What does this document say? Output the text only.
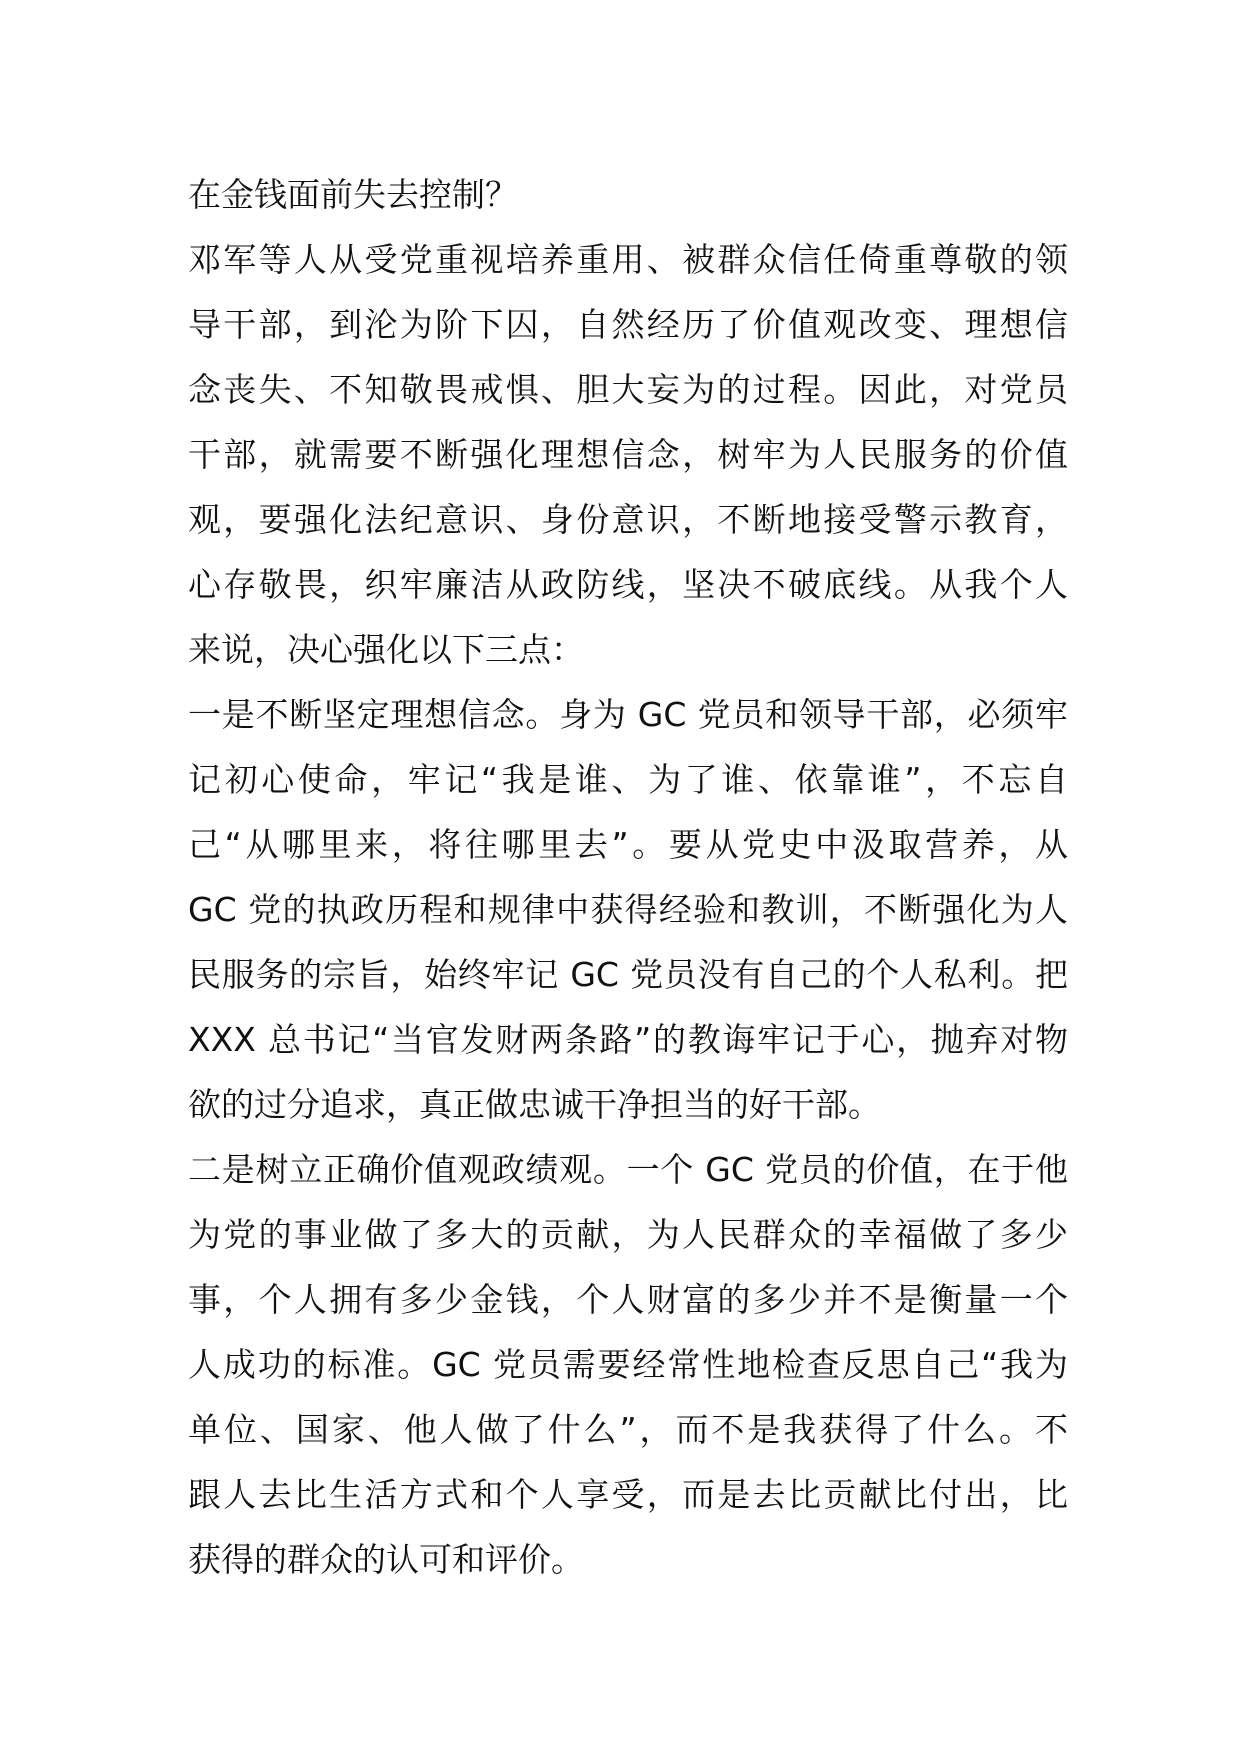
在金钱面前失去控制？
邓军等人从受党重视培养重用、被群众信任倚重尊敬的领
导干部，到沦为阶下囚，自然经历了价值观改变、理想信
念丧失、不知敬畏戒惧、胆大妄为的过程。因此，对党员
干部，就需要不断强化理想信念，树牢为人民服务的价值
观，要强化法纪意识、身份意识，不断地接受警示教育，
心存敬畏，织牢廉洁从政防线，坚决不破底线。从我个人
来说，决心强化以下三点：
一是不断坚定理想信念。身为 GC 党员和领导干部，必须牢
记初心使命，牢记“我是谁、为了谁、依靠谁”，不忘自
己“从哪里来，将往哪里去”。要从党史中汲取营养，从
GC 党的执政历程和规律中获得经验和教训，不断强化为人
民服务的宗旨，始终牢记 GC 党员没有自己的个人私利。把
XXX 总书记“当官发财两条路”的教诲牢记于心，抛弃对物
欲的过分追求，真正做忠诚干净担当的好干部。
二是树立正确价值观政绩观。一个 GC 党员的价值，在于他
为党的事业做了多大的贡献，为人民群众的幸福做了多少
事，个人拥有多少金钱，个人财富的多少并不是衡量一个
人成功的标准。GC 党员需要经常性地检查反思自己“我为
单位、国家、他人做了什么”，而不是我获得了什么。不
跟人去比生活方式和个人享受，而是去比贡献比付出，比
获得的群众的认可和评价。
